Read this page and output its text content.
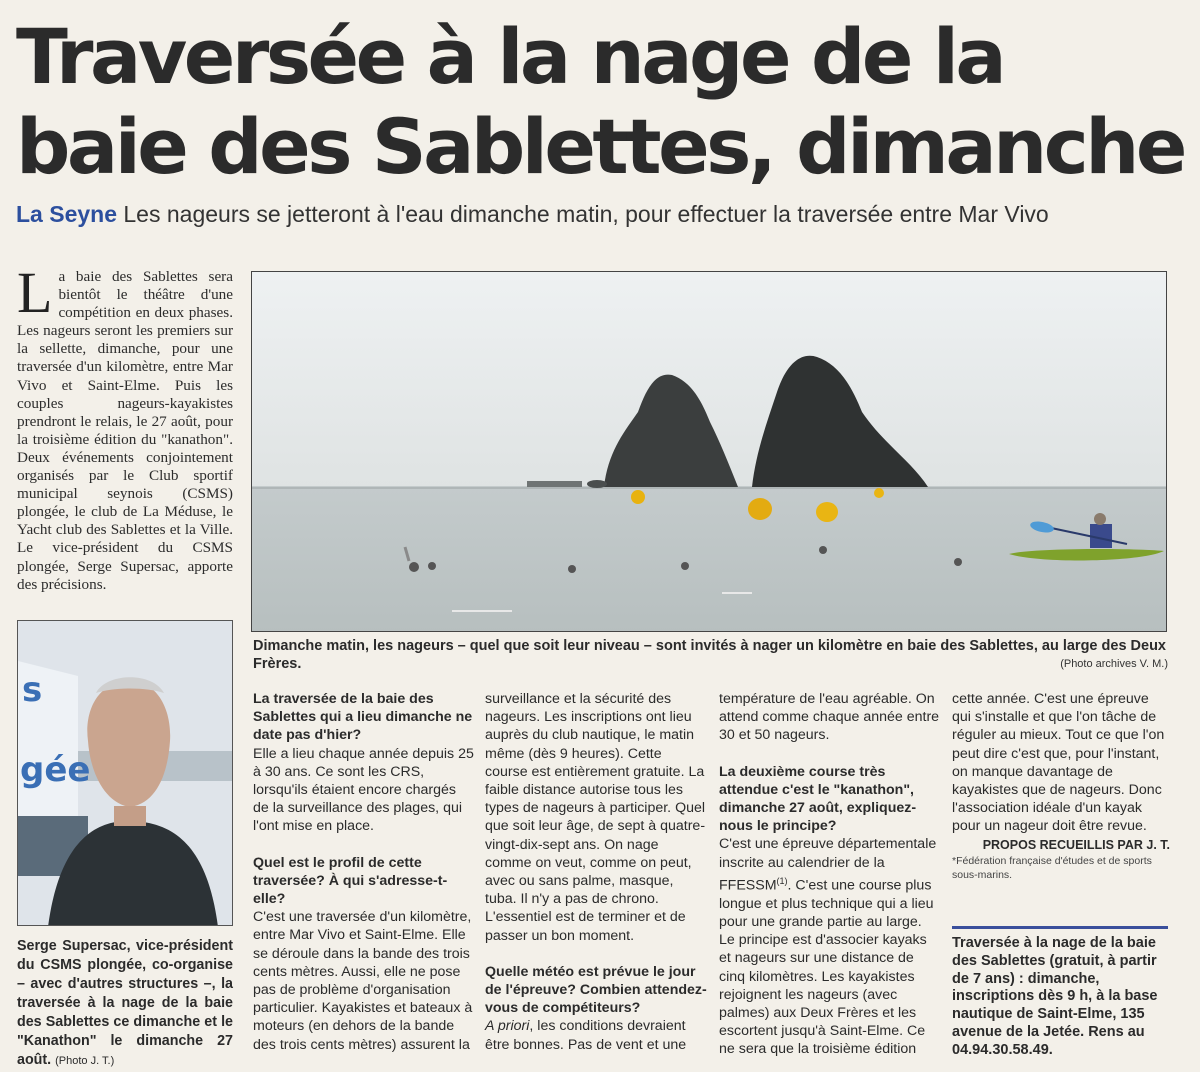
Traversée à la nage de la baie des Sablettes, dimanche
La Seyne Les nageurs se jetteront à l'eau dimanche matin, pour effectuer la traversée entre Mar Vivo
L a baie des Sablettes sera bientôt le théâtre d'une compétition en deux phases. Les nageurs seront les premiers sur la sellette, dimanche, pour une traversée d'un kilomètre, entre Mar Vivo et Saint-Elme. Puis les couples nageurs-kayakistes prendront le relais, le 27 août, pour la troisième édition du "kanathon". Deux événements conjointement organisés par le Club sportif municipal seynois (CSMS) plongée, le club de La Méduse, le Yacht club des Sablettes et la Ville. Le vice-président du CSMS plongée, Serge Supersac, apporte des précisions.
Dimanche matin, les nageurs – quel que soit leur niveau – sont invités à nager un kilomètre en baie des Sablettes, au large des Deux Frères.	(Photo archives V. M.)
s
gée
Serge Supersac, vice-président du CSMS plongée, co-organise – avec d'autres structures –, la traversée à la nage de la baie des Sablettes ce dimanche et le "Kanathon" le dimanche 27 août. (Photo J. T.)

La traversée de la baie des Sablettes qui a lieu dimanche ne date pas d'hier?

Elle a lieu chaque année depuis 25 à 30 ans. Ce sont les CRS, lorsqu'ils étaient encore chargés de la surveillance des plages, qui l'ont mise en place.

Quel est le profil de cette traversée? À qui s'adresse-t-elle?

C'est une traversée d'un kilomètre, entre Mar Vivo et Saint-Elme. Elle se déroule dans la bande des trois cents mètres. Aussi, elle ne pose pas de problème d'organisation particulier. Kayakistes et bateaux à moteurs (en dehors de la bande des trois cents mètres) assurent la

surveillance et la sécurité des nageurs. Les inscriptions ont lieu auprès du club nautique, le matin même (dès 9 heures). Cette course est entièrement gratuite. La faible distance autorise tous les types de nageurs à participer. Quel que soit leur âge, de sept à quatre-vingt-dix-sept ans. On nage comme on veut, comme on peut, avec ou sans palme, masque, tuba. Il n'y a pas de chrono. L'essentiel est de terminer et de passer un bon moment.

Quelle météo est prévue le jour de l'épreuve? Combien attendez-vous de compétiteurs?

A priori, les conditions devraient être bonnes. Pas de vent et une

température de l'eau agréable. On attend comme chaque année entre 30 et 50 nageurs.

La deuxième course très attendue c'est le "kanathon", dimanche 27 août, expliquez-nous le principe?

C'est une épreuve départementale inscrite au calendrier de la FFESSM$^{(1)}$. C'est une course plus longue et plus technique qui a lieu pour une grande partie au large. Le principe est d'associer kayaks et nageurs sur une distance de cinq kilomètres. Les kayakistes rejoignent les nageurs (avec palmes) aux Deux Frères et les escortent jusqu'à Saint-Elme. Ce ne sera que la troisième édition

cette année. C'est une épreuve qui s'installe et que l'on tâche de réguler au mieux. Tout ce que l'on peut dire c'est que, pour l'instant, on manque davantage de kayakistes que de nageurs. Donc l'association idéale d'un kayak pour un nageur doit être revue.

PROPOS RECUEILLIS PAR J. T.

*Fédération française d'études et de sports sous-marins.

Traversée à la nage de la baie des Sablettes (gratuit, à partir de 7 ans) : dimanche, inscriptions dès 9 h, à la base nautique de Saint-Elme, 135 avenue de la Jetée. Rens au 04.94.30.58.49.
